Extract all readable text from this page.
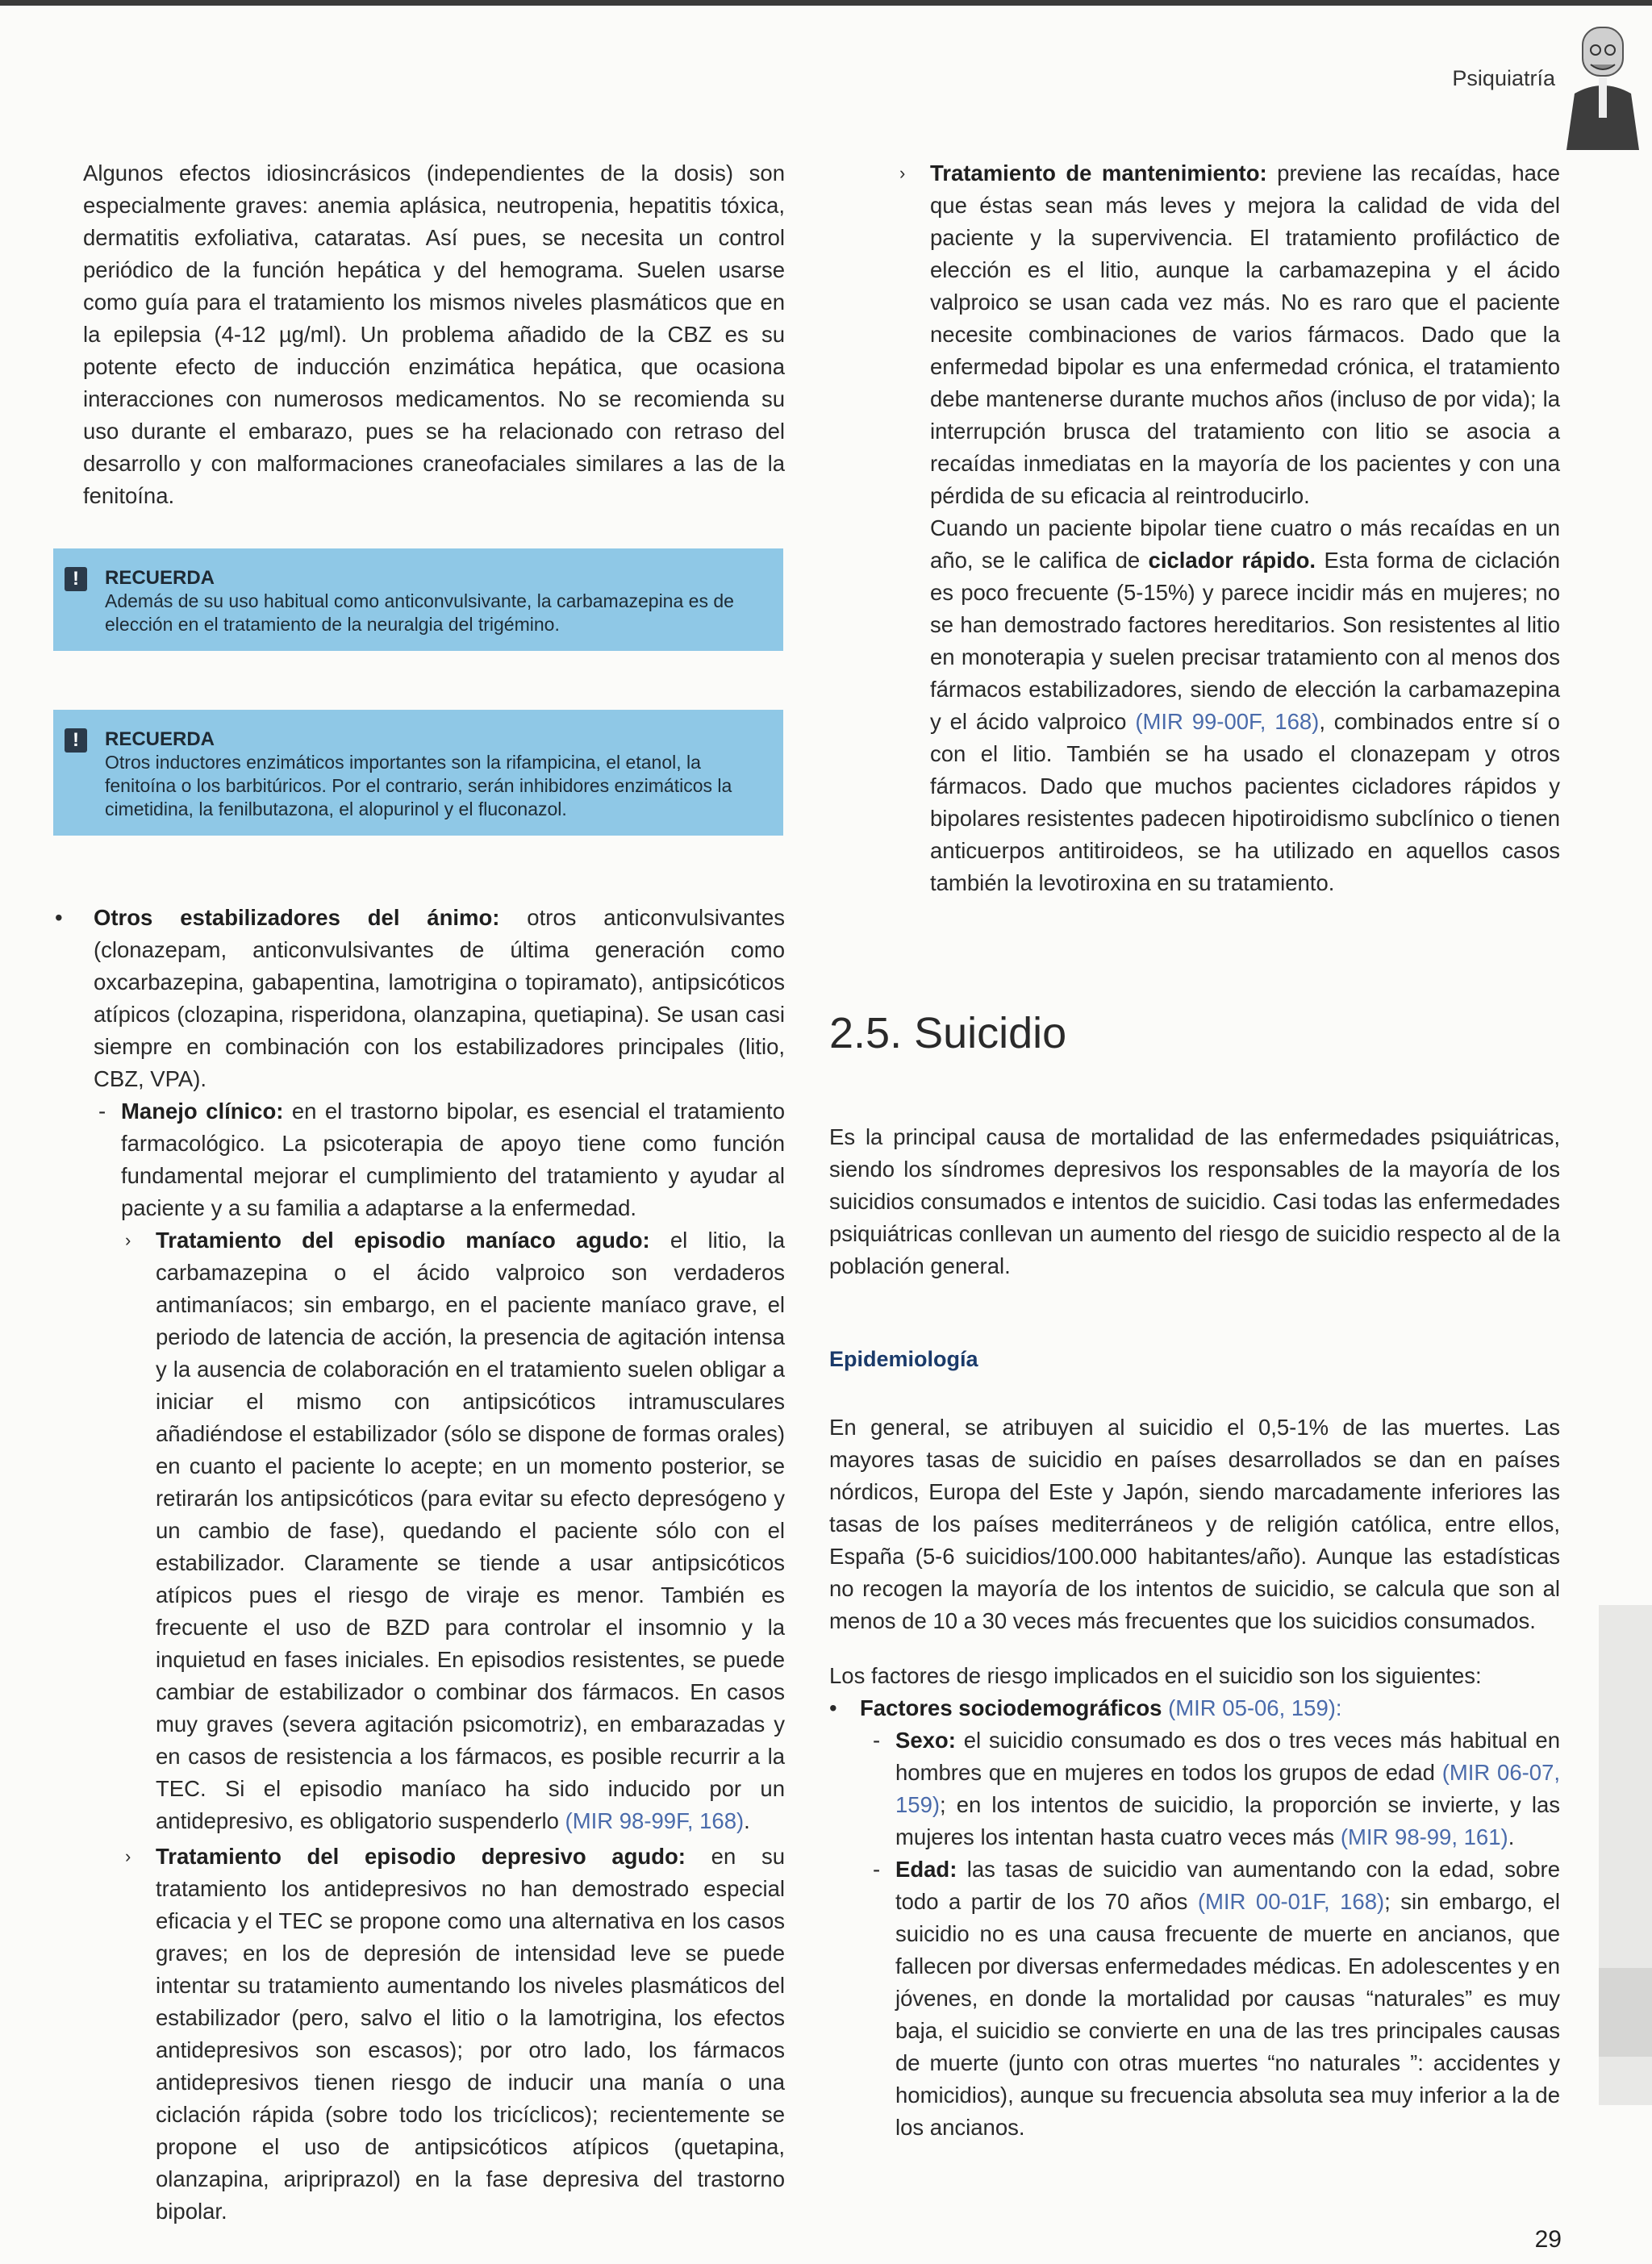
Psiquiatría

Algunos efectos idiosincrásicos (independientes de la dosis) son especialmente graves: anemia aplásica, neutropenia, hepatitis tóxica, dermatitis exfoliativa, cataratas. Así pues, se necesita un control periódico de la función hepática y del hemograma. Suelen usarse como guía para el tratamiento los mismos niveles plasmáticos que en la epilepsia (4-12 µg/ml). Un problema añadido de la CBZ es su potente efecto de inducción enzimática hepática, que ocasiona interacciones con numerosos medicamentos. No se recomienda su uso durante el embarazo, pues se ha relacionado con retraso del desarrollo y con malformaciones craneofaciales similares a las de la fenitoína.

!	RECUERDA
Además de su uso habitual como anticonvulsivante, la carbamazepina es de elección en el tratamiento de la neuralgia del trigémino.
!	RECUERDA
Otros inductores enzimáticos importantes son la rifampicina, el etanol, la fenitoína o los barbitúricos. Por el contrario, serán inhibidores enzimáticos la cimetidina, la fenilbutazona, el alopurinol y el fluconazol.
• Otros estabilizadores del ánimo: otros anticonvulsivantes (clonazepam, anticonvulsivantes de última generación como oxcarbazepina, gabapentina, lamotrigina o topiramato), antipsicóticos atípicos (clozapina, risperidona, olanzapina, quetiapina). Se usan casi siempre en combinación con los estabilizadores principales (litio, CBZ, VPA).
- Manejo clínico: en el trastorno bipolar, es esencial el tratamiento farmacológico. La psicoterapia de apoyo tiene como función fundamental mejorar el cumplimiento del tratamiento y ayudar al paciente y a su familia a adaptarse a la enfermedad.
› Tratamiento del episodio maníaco agudo: el litio, la carbamazepina o el ácido valproico son verdaderos antimaníacos; sin embargo, en el paciente maníaco grave, el periodo de latencia de acción, la presencia de agitación intensa y la ausencia de colaboración en el tratamiento suelen obligar a iniciar el mismo con antipsicóticos intramusculares añadiéndose el estabilizador (sólo se dispone de formas orales) en cuanto el paciente lo acepte; en un momento posterior, se retirarán los antipsicóticos (para evitar su efecto depresógeno y un cambio de fase), quedando el paciente sólo con el estabilizador. Claramente se tiende a usar antipsicóticos atípicos pues el riesgo de viraje es menor. También es frecuente el uso de BZD para controlar el insomnio y la inquietud en fases iniciales. En episodios resistentes, se puede cambiar de estabilizador o combinar dos fármacos. En casos muy graves (severa agitación psicomotriz), en embarazadas y en casos de resistencia a los fármacos, es posible recurrir a la TEC. Si el episodio maníaco ha sido inducido por un antidepresivo, es obligatorio suspenderlo (MIR 98-99F, 168).
› Tratamiento del episodio depresivo agudo: en su tratamiento los antidepresivos no han demostrado especial eficacia y el TEC se propone como una alternativa en los casos graves; en los de depresión de intensidad leve se puede intentar su tratamiento aumentando los niveles plasmáticos del estabilizador (pero, salvo el litio o la lamotrigina, los efectos antidepresivos son escasos); por otro lado, los fármacos antidepresivos tienen riesgo de inducir una manía o una ciclación rápida (sobre todo los tricíclicos); recientemente se propone el uso de antipsicóticos atípicos (quetapina, olanzapina, aripriprazol) en la fase depresiva del trastorno bipolar.
› Tratamiento de mantenimiento: previene las recaídas, hace que éstas sean más leves y mejora la calidad de vida del paciente y la supervivencia. El tratamiento profiláctico de elección es el litio, aunque la carbamazepina y el ácido valproico se usan cada vez más. No es raro que el paciente necesite combinaciones de varios fármacos. Dado que la enfermedad bipolar es una enfermedad crónica, el tratamiento debe mantenerse durante muchos años (incluso de por vida); la interrupción brusca del tratamiento con litio se asocia a recaídas inmediatas en la mayoría de los pacientes y con una pérdida de su eficacia al reintroducirlo.

Cuando un paciente bipolar tiene cuatro o más recaídas en un año, se le califica de ciclador rápido. Esta forma de ciclación es poco frecuente (5-15%) y parece incidir más en mujeres; no se han demostrado factores hereditarios. Son resistentes al litio en monoterapia y suelen precisar tratamiento con al menos dos fármacos estabilizadores, siendo de elección la carbamazepina y el ácido valproico (MIR 99-00F, 168), combinados entre sí o con el litio. También se ha usado el clonazepam y otros fármacos. Dado que muchos pacientes cicladores rápidos y bipolares resistentes padecen hipotiroidismo subclínico o tienen anticuerpos antitiroideos, se ha utilizado en aquellos casos también la levotiroxina en su tratamiento.

2.5. Suicidio

Es la principal causa de mortalidad de las enfermedades psiquiátricas, siendo los síndromes depresivos los responsables de la mayoría de los suicidios consumados e intentos de suicidio. Casi todas las enfermedades psiquiátricas conllevan un aumento del riesgo de suicidio respecto al de la población general.

Epidemiología

En general, se atribuyen al suicidio el 0,5-1% de las muertes. Las mayores tasas de suicidio en países desarrollados se dan en países nórdicos, Europa del Este y Japón, siendo marcadamente inferiores las tasas de los países mediterráneos y de religión católica, entre ellos, España (5-6 suicidios/100.000 habitantes/año). Aunque las estadísticas no recogen la mayoría de los intentos de suicidio, se calcula que son al menos de 10 a 30 veces más frecuentes que los suicidios consumados.

Los factores de riesgo implicados en el suicidio son los siguientes:

• Factores sociodemográficos (MIR 05-06, 159):
- Sexo: el suicidio consumado es dos o tres veces más habitual en hombres que en mujeres en todos los grupos de edad (MIR 06-07, 159); en los intentos de suicidio, la proporción se invierte, y las mujeres los intentan hasta cuatro veces más (MIR 98-99, 161).
- Edad: las tasas de suicidio van aumentando con la edad, sobre todo a partir de los 70 años (MIR 00-01F, 168); sin embargo, el suicidio no es una causa frecuente de muerte en ancianos, que fallecen por diversas enfermedades médicas. En adolescentes y en jóvenes, en donde la mortalidad por causas “naturales” es muy baja, el suicidio se convierte en una de las tres principales causas de muerte (junto con otras muertes “no naturales ”: accidentes y homicidios), aunque su frecuencia absoluta sea muy inferior a la de los ancianos.
29
